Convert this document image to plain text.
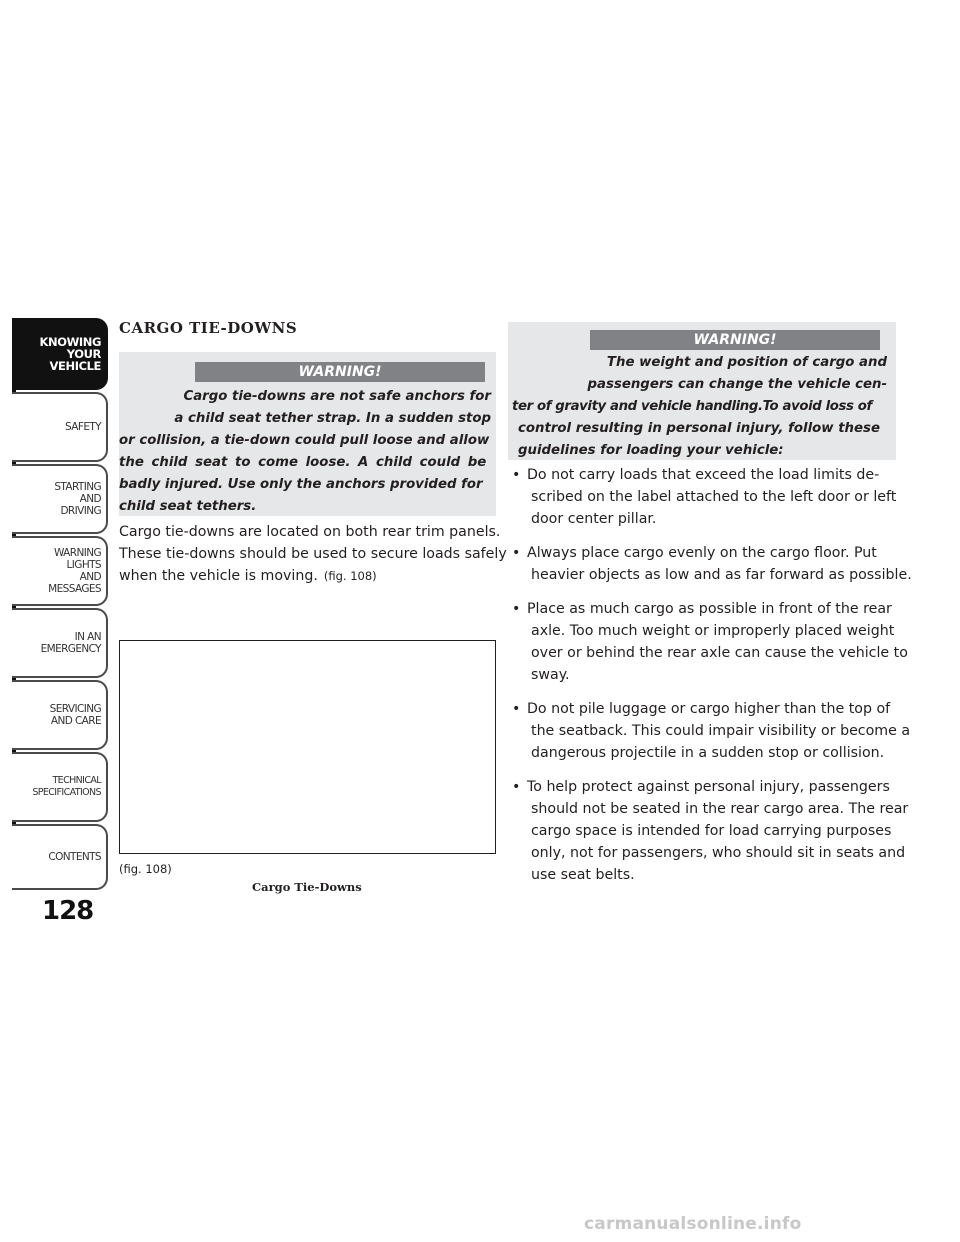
KNOWING
YOUR
VEHICLE
SAFETY
STARTING
AND
DRIVING
WARNING
LIGHTS
AND
MESSAGES
IN AN
EMERGENCY
SERVICING
AND CARE
TECHNICAL
SPECIFICATIONS
CONTENTS
128
CARGO TIE-DOWNS
WARNING!
Cargo tie-downs are not safe anchors for
a child seat tether strap. In a sudden stop
or collision, a tie-down could pull loose and allow
the child seat to come loose. A child could be
badly injured. Use only the anchors provided for
child seat tethers.
Cargo tie-downs are located on both rear trim panels.
These tie-downs should be used to secure loads safely
when the vehicle is moving. (fig. 108)
(fig. 108)
Cargo Tie-Downs
WARNING!
The weight and position of cargo and
passengers can change the vehicle cen-
ter of gravity and vehicle handling.To avoid loss of
control resulting in personal injury, follow these
guidelines for loading your vehicle:
• Do not carry loads that exceed the load limits de-
scribed on the label attached to the left door or left
door center pillar.
• Always place cargo evenly on the cargo floor. Put
heavier objects as low and as far forward as possible.
• Place as much cargo as possible in front of the rear
axle. Too much weight or improperly placed weight
over or behind the rear axle can cause the vehicle to
sway.
• Do not pile luggage or cargo higher than the top of
the seatback. This could impair visibility or become a
dangerous projectile in a sudden stop or collision.
• To help protect against personal injury, passengers
should not be seated in the rear cargo area. The rear
cargo space is intended for load carrying purposes
only, not for passengers, who should sit in seats and
use seat belts.
carmanualsonline.info
